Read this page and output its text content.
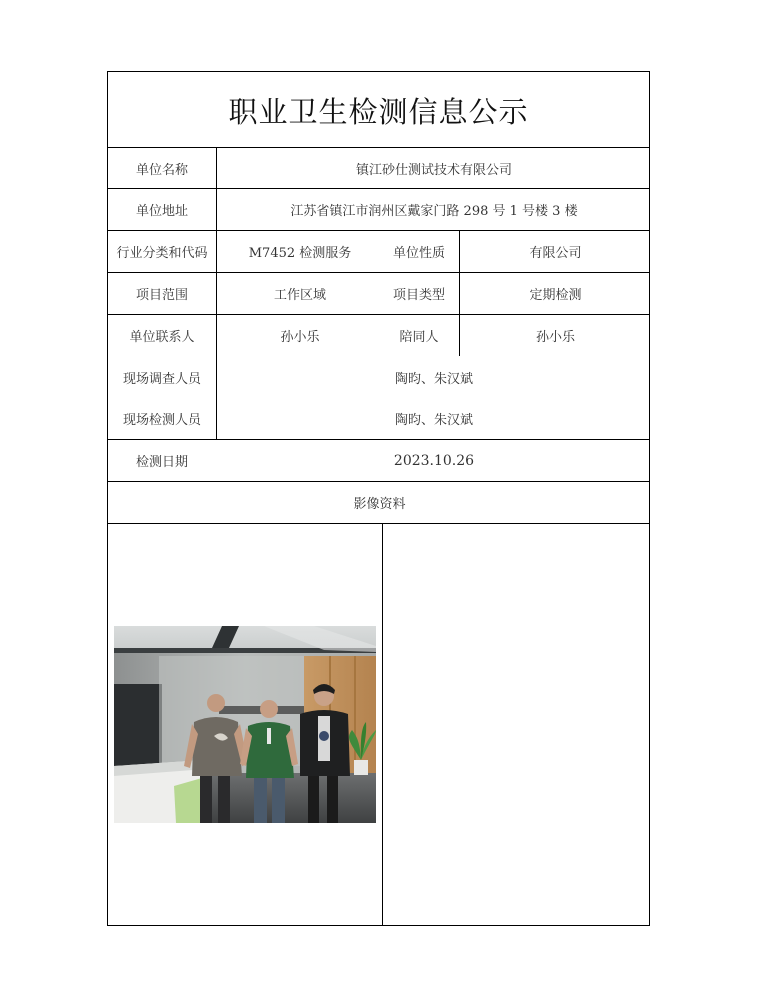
职业卫生检测信息公示
单位名称	镇江砂仕测试技术有限公司
单位地址	江苏省镇江市润州区戴家门路 298 号 1 号楼 3 楼
行业分类和代码	M7452 检测服务	单位性质	有限公司
项目范围	工作区域	项目类型	定期检测
单位联系人	孙小乐	陪同人	孙小乐
现场调查人员	陶昀、朱汉斌
现场检测人员	陶昀、朱汉斌
检测日期	2023.10.26
影像资料
